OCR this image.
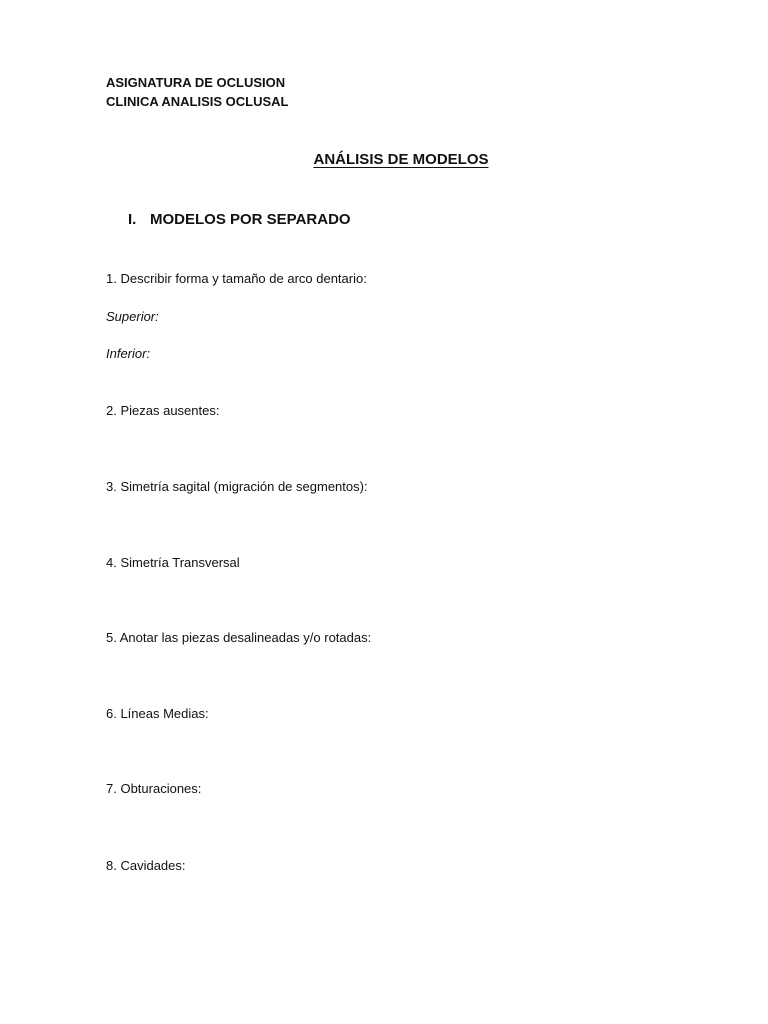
ASIGNATURA DE OCLUSION
CLINICA ANALISIS OCLUSAL
ANÁLISIS DE MODELOS
I. MODELOS POR SEPARADO
1. Describir forma y tamaño de arco dentario:
Superior:
Inferior:
2. Piezas ausentes:
3. Simetría sagital (migración de segmentos):
4. Simetría Transversal
5. Anotar las piezas desalineadas y/o rotadas:
6. Líneas Medias:
7. Obturaciones:
8. Cavidades:
